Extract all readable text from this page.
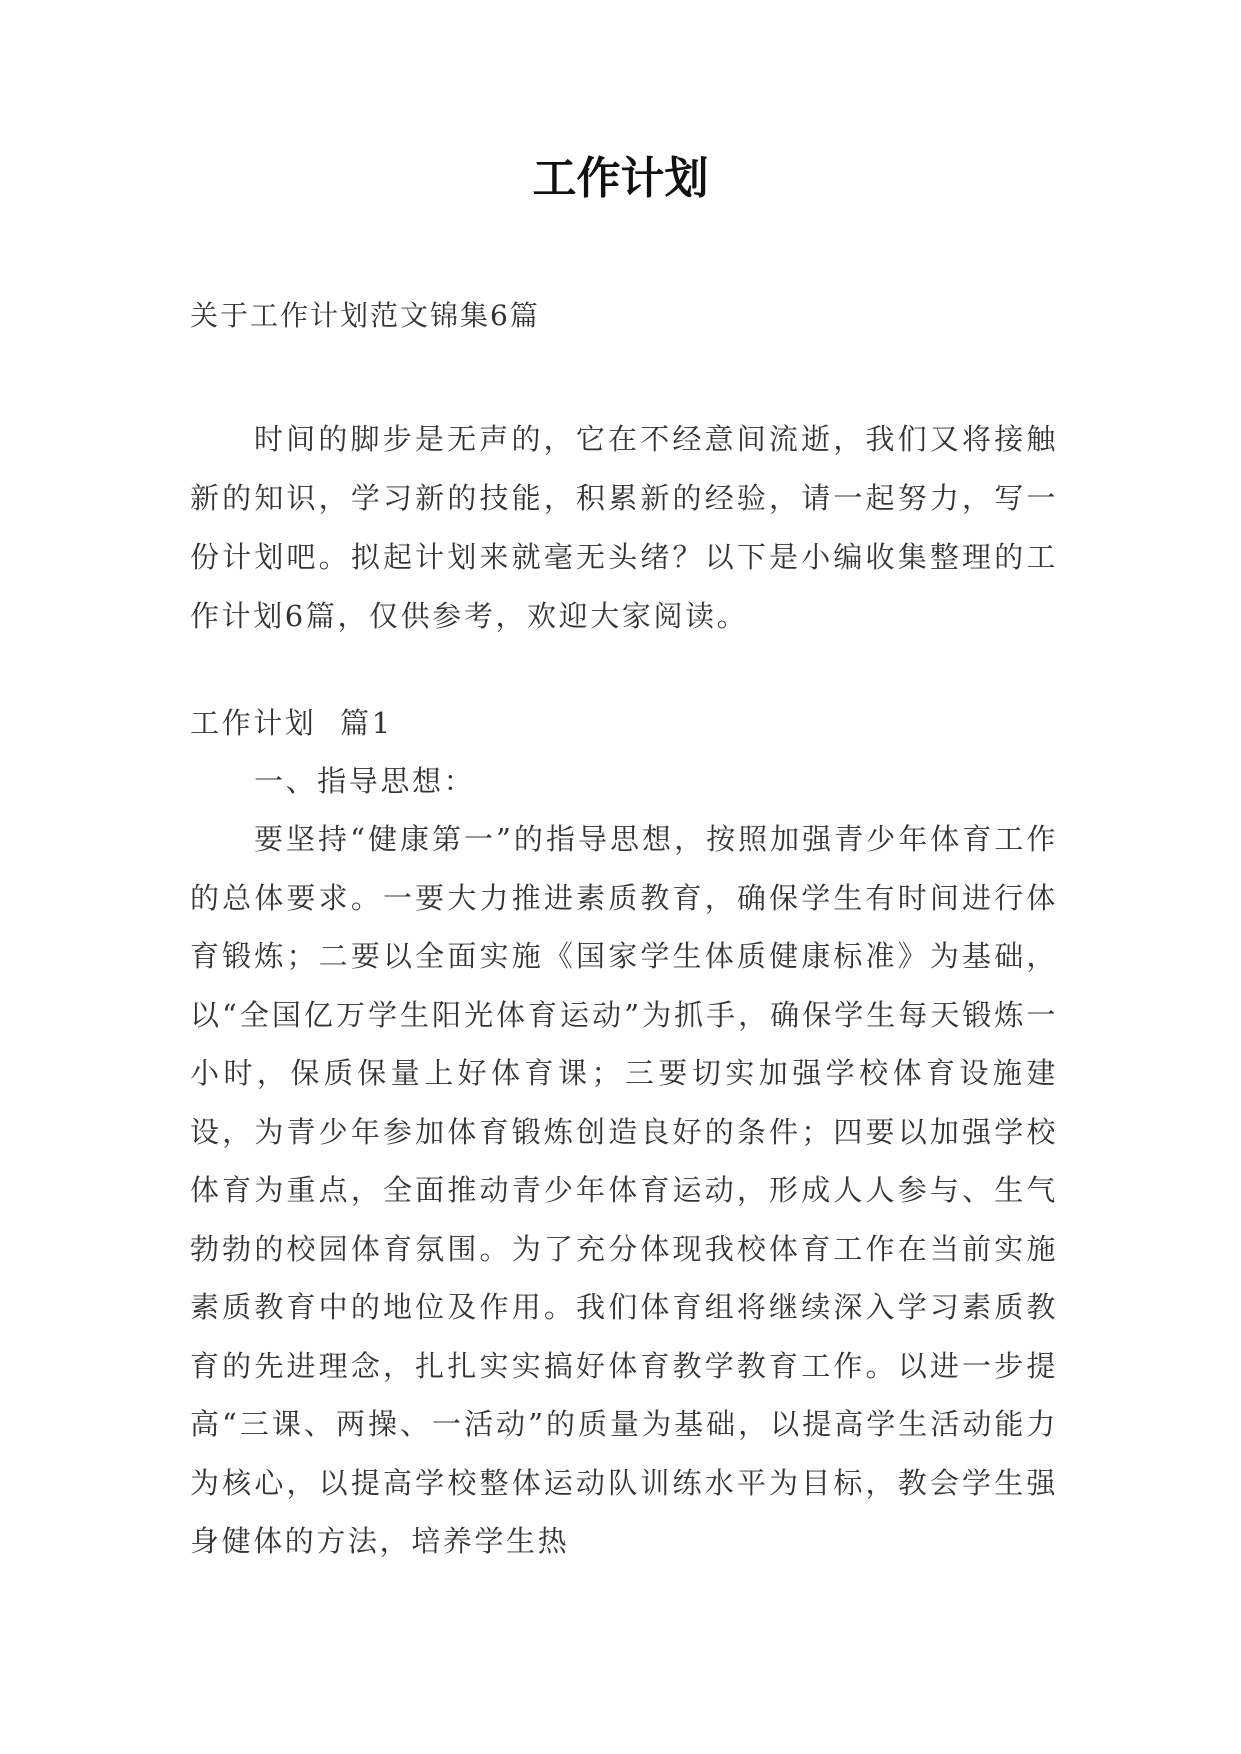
工作计划
关于工作计划范文锦集6篇

时间的脚步是无声的，它在不经意间流逝，我们又将接触新的知识，学习新的技能，积累新的经验，请一起努力，写一份计划吧。拟起计划来就毫无头绪？以下是小编收集整理的工作计划6篇，仅供参考，欢迎大家阅读。

工作计划  篇1

一、指导思想：

要坚持“健康第一”的指导思想，按照加强青少年体育工作的总体要求。一要大力推进素质教育，确保学生有时间进行体育锻炼；二要以全面实施《国家学生体质健康标准》为基础，以“全国亿万学生阳光体育运动”为抓手，确保学生每天锻炼一小时，保质保量上好体育课；三要切实加强学校体育设施建设，为青少年参加体育锻炼创造良好的条件；四要以加强学校体育为重点，全面推动青少年体育运动，形成人人参与、生气勃勃的校园体育氛围。为了充分体现我校体育工作在当前实施素质教育中的地位及作用。我们体育组将继续深入学习素质教育的先进理念，扎扎实实搞好体育教学教育工作。以进一步提高“三课、两操、一活动”的质量为基础，以提高学生活动能力为核心，以提高学校整体运动队训练水平为目标，教会学生强身健体的方法，培养学生热
